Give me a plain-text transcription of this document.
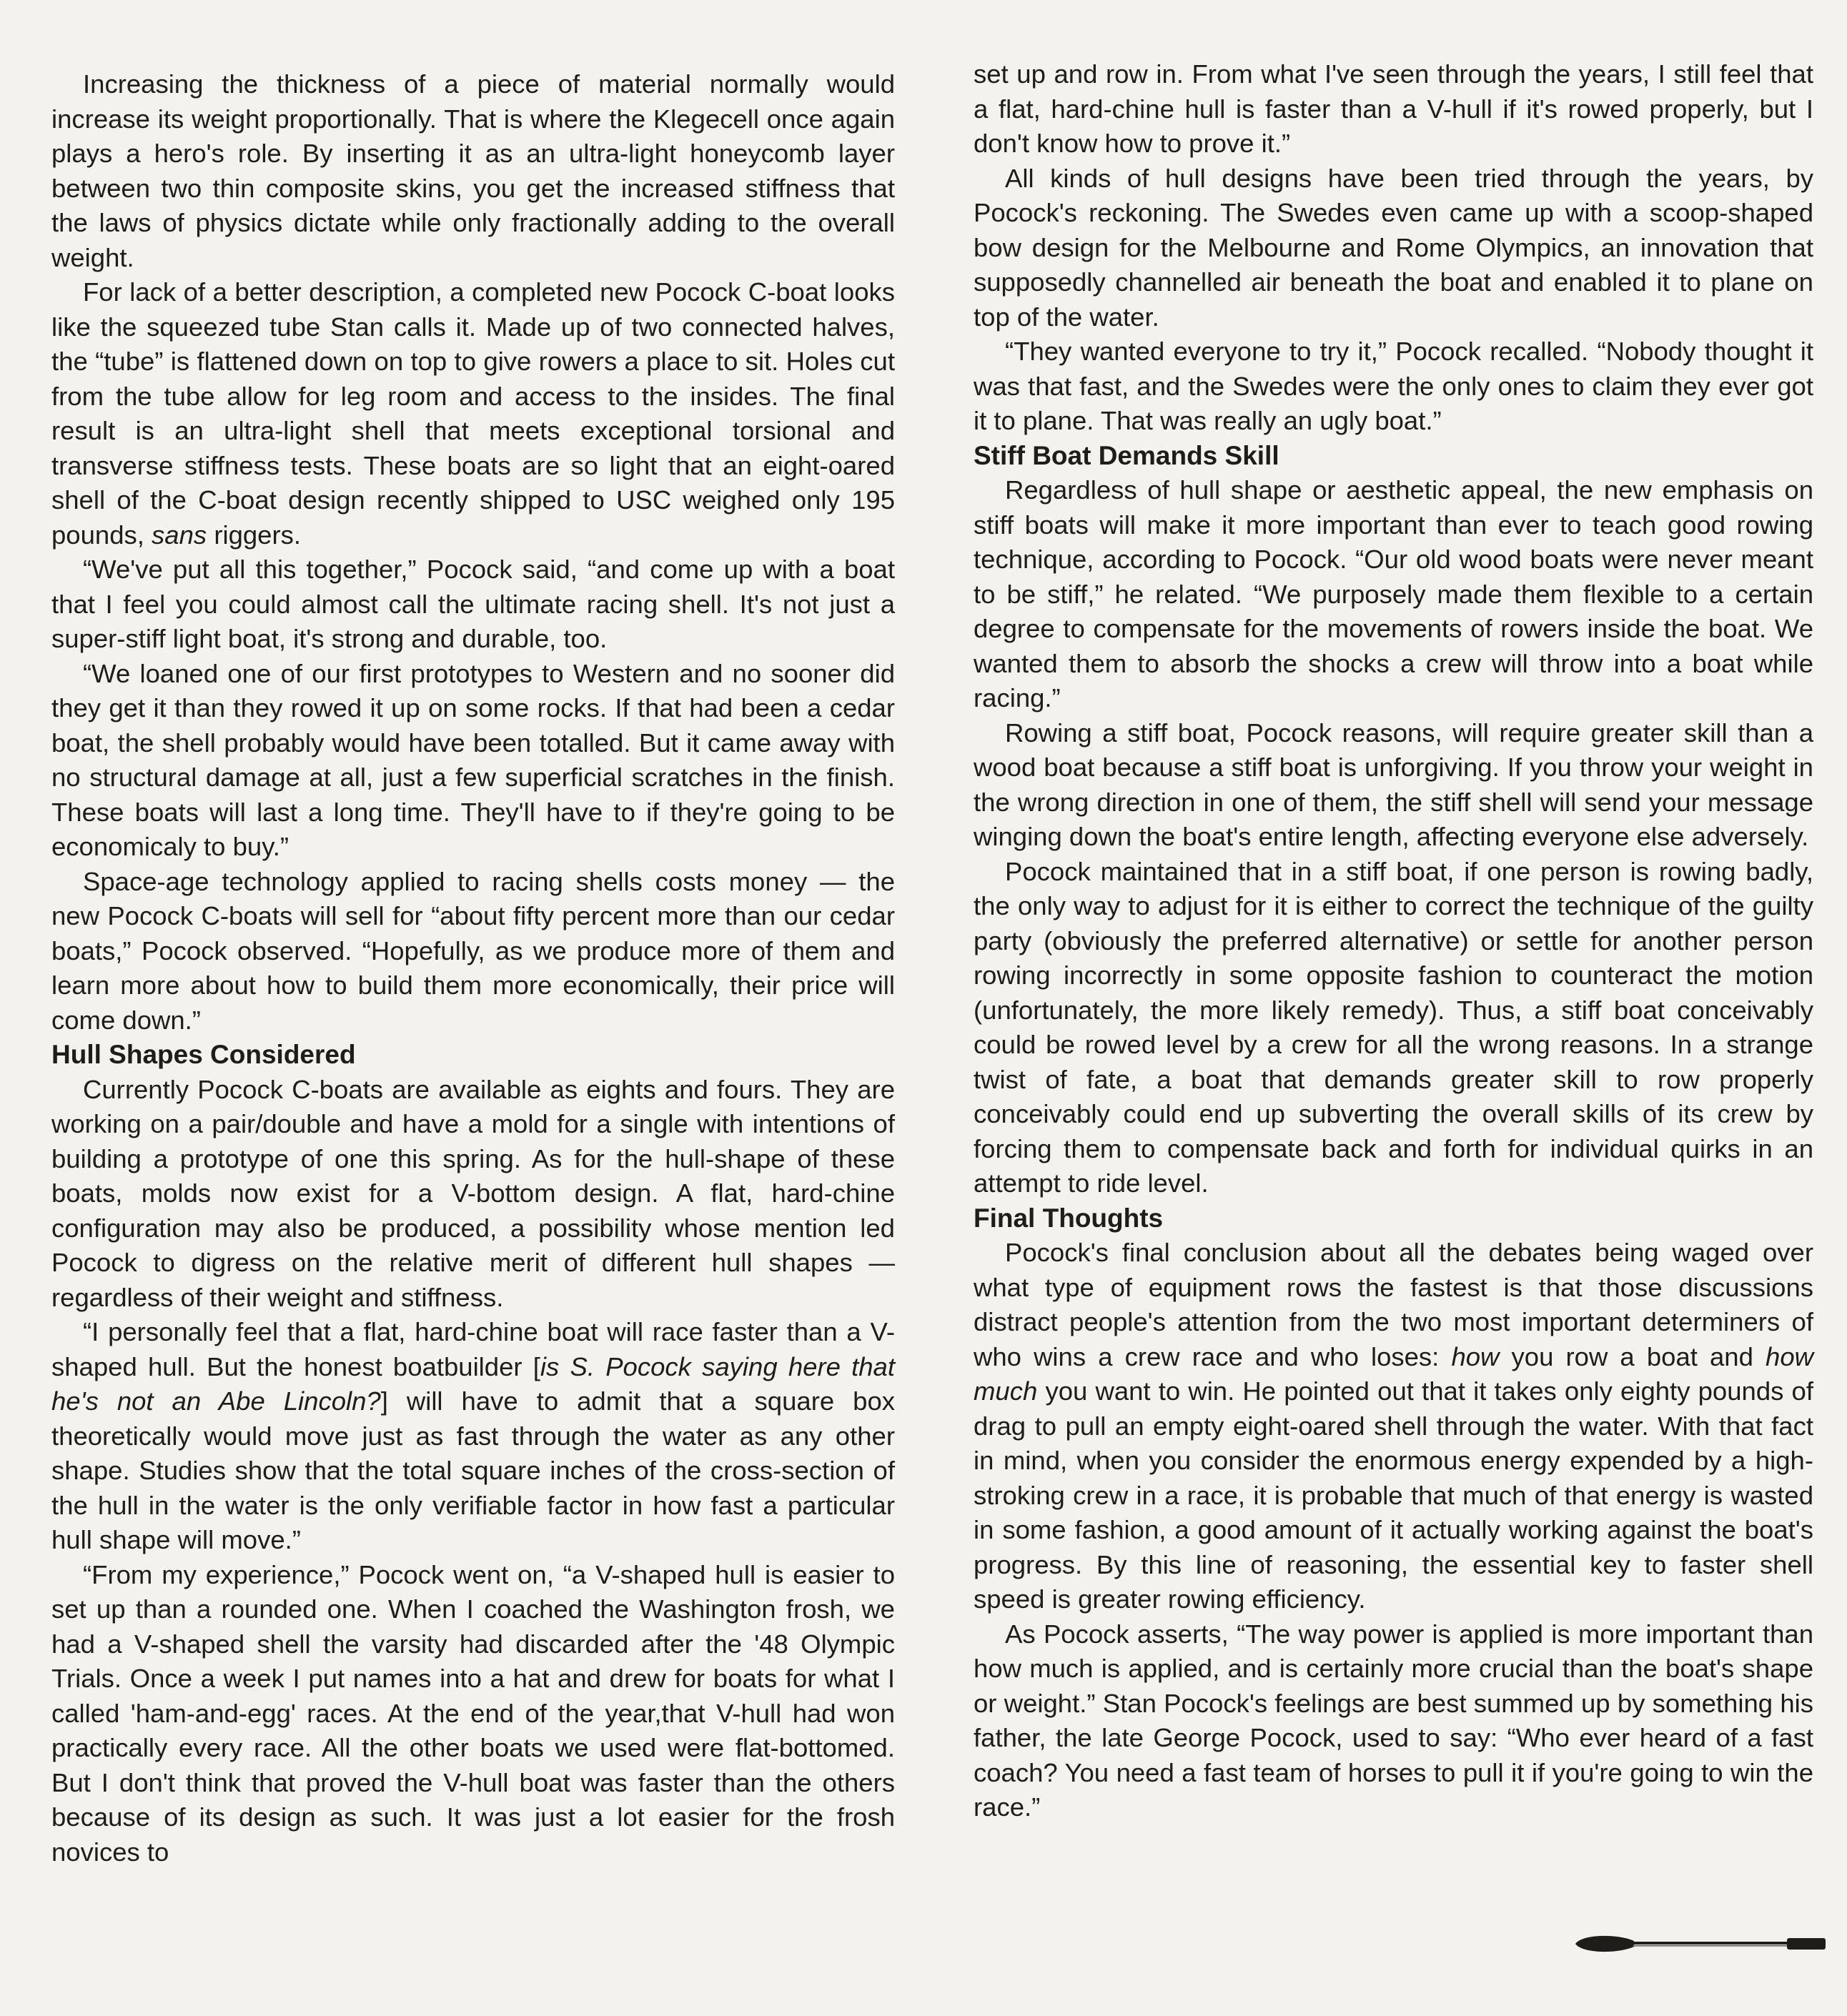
Increasing the thickness of a piece of material normally would increase its weight proportionally. That is where the Klegecell once again plays a hero's role. By inserting it as an ultra-light honeycomb layer between two thin composite skins, you get the increased stiffness that the laws of physics dictate while only fractionally adding to the overall weight.

For lack of a better description, a completed new Pocock C-boat looks like the squeezed tube Stan calls it. Made up of two connected halves, the “tube” is flattened down on top to give rowers a place to sit. Holes cut from the tube allow for leg room and access to the insides. The final result is an ultra-light shell that meets exceptional torsional and transverse stiffness tests. These boats are so light that an eight-oared shell of the C-boat design recently shipped to USC weighed only 195 pounds, sans riggers.

“We've put all this together,” Pocock said, “and come up with a boat that I feel you could almost call the ultimate racing shell. It's not just a super-stiff light boat, it's strong and durable, too.

“We loaned one of our first prototypes to Western and no sooner did they get it than they rowed it up on some rocks. If that had been a cedar boat, the shell probably would have been totalled. But it came away with no structural damage at all, just a few superficial scratches in the finish. These boats will last a long time. They'll have to if they're going to be economicaly to buy.”

Space-age technology applied to racing shells costs money — the new Pocock C-boats will sell for “about fifty percent more than our cedar boats,” Pocock observed. “Hopefully, as we produce more of them and learn more about how to build them more economically, their price will come down.”

Hull Shapes Considered

Currently Pocock C-boats are available as eights and fours. They are working on a pair/double and have a mold for a single with intentions of building a prototype of one this spring. As for the hull-shape of these boats, molds now exist for a V-bottom design. A flat, hard-chine configuration may also be produced, a possibility whose mention led Pocock to digress on the relative merit of different hull shapes — regardless of their weight and stiffness.

“I personally feel that a flat, hard-chine boat will race faster than a V-shaped hull. But the honest boatbuilder [is S. Pocock saying here that he's not an Abe Lincoln?] will have to admit that a square box theoretically would move just as fast through the water as any other shape. Studies show that the total square inches of the cross-section of the hull in the water is the only verifiable factor in how fast a particular hull shape will move.”

“From my experience,” Pocock went on, “a V-shaped hull is easier to set up than a rounded one. When I coached the Washington frosh, we had a V-shaped shell the varsity had discarded after the '48 Olympic Trials. Once a week I put names into a hat and drew for boats for what I called 'ham-and-egg' races. At the end of the year,that V-hull had won practically every race. All the other boats we used were flat-bottomed. But I don't think that proved the V-hull boat was faster than the others because of its design as such. It was just a lot easier for the frosh novices to

set up and row in. From what I've seen through the years, I still feel that a flat, hard-chine hull is faster than a V-hull if it's rowed properly, but I don't know how to prove it.”

All kinds of hull designs have been tried through the years, by Pocock's reckoning. The Swedes even came up with a scoop-shaped bow design for the Melbourne and Rome Olympics, an innovation that supposedly channelled air beneath the boat and enabled it to plane on top of the water.

“They wanted everyone to try it,” Pocock recalled. “Nobody thought it was that fast, and the Swedes were the only ones to claim they ever got it to plane. That was really an ugly boat.”

Stiff Boat Demands Skill

Regardless of hull shape or aesthetic appeal, the new emphasis on stiff boats will make it more important than ever to teach good rowing technique, according to Pocock. “Our old wood boats were never meant to be stiff,” he related. “We purposely made them flexible to a certain degree to compensate for the movements of rowers inside the boat. We wanted them to absorb the shocks a crew will throw into a boat while racing.”

Rowing a stiff boat, Pocock reasons, will require greater skill than a wood boat because a stiff boat is unforgiving. If you throw your weight in the wrong direction in one of them, the stiff shell will send your message winging down the boat's entire length, affecting everyone else adversely.

Pocock maintained that in a stiff boat, if one person is rowing badly, the only way to adjust for it is either to correct the technique of the guilty party (obviously the preferred alternative) or settle for another person rowing incorrectly in some opposite fashion to counteract the motion (unfortunately, the more likely remedy). Thus, a stiff boat conceivably could be rowed level by a crew for all the wrong reasons. In a strange twist of fate, a boat that demands greater skill to row properly conceivably could end up subverting the overall skills of its crew by forcing them to compensate back and forth for individual quirks in an attempt to ride level.

Final Thoughts

Pocock's final conclusion about all the debates being waged over what type of equipment rows the fastest is that those discussions distract people's attention from the two most important determiners of who wins a crew race and who loses: how you row a boat and how much you want to win. He pointed out that it takes only eighty pounds of drag to pull an empty eight-oared shell through the water. With that fact in mind, when you consider the enormous energy expended by a high-stroking crew in a race, it is probable that much of that energy is wasted in some fashion, a good amount of it actually working against the boat's progress. By this line of reasoning, the essential key to faster shell speed is greater rowing efficiency.

As Pocock asserts, “The way power is applied is more important than how much is applied, and is certainly more crucial than the boat's shape or weight.” Stan Pocock's feelings are best summed up by something his father, the late George Pocock, used to say: “Who ever heard of a fast coach? You need a fast team of horses to pull it if you're going to win the race.”
